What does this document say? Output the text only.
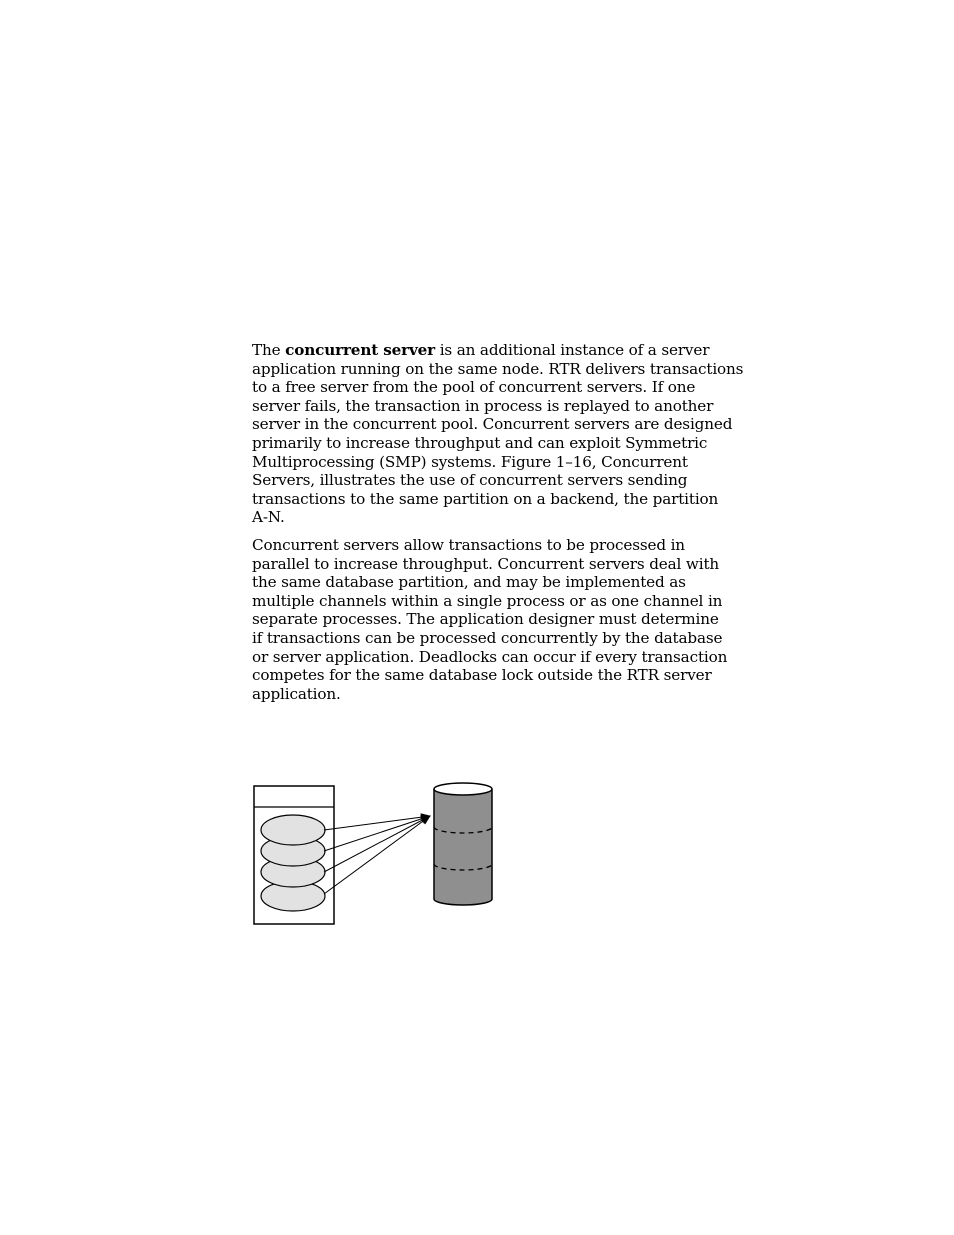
The concurrent server is an additional instance of a server
application running on the same node. RTR delivers transactions
to a free server from the pool of concurrent servers. If one
server fails, the transaction in process is replayed to another
server in the concurrent pool. Concurrent servers are designed
primarily to increase throughput and can exploit Symmetric
Multiprocessing (SMP) systems. Figure 1–16, Concurrent
Servers, illustrates the use of concurrent servers sending
transactions to the same partition on a backend, the partition
A-N.

Concurrent servers allow transactions to be processed in
parallel to increase throughput. Concurrent servers deal with
the same database partition, and may be implemented as
multiple channels within a single process or as one channel in
separate processes. The application designer must determine
if transactions can be processed concurrently by the database
or server application. Deadlocks can occur if every transaction
competes for the same database lock outside the RTR server
application.
